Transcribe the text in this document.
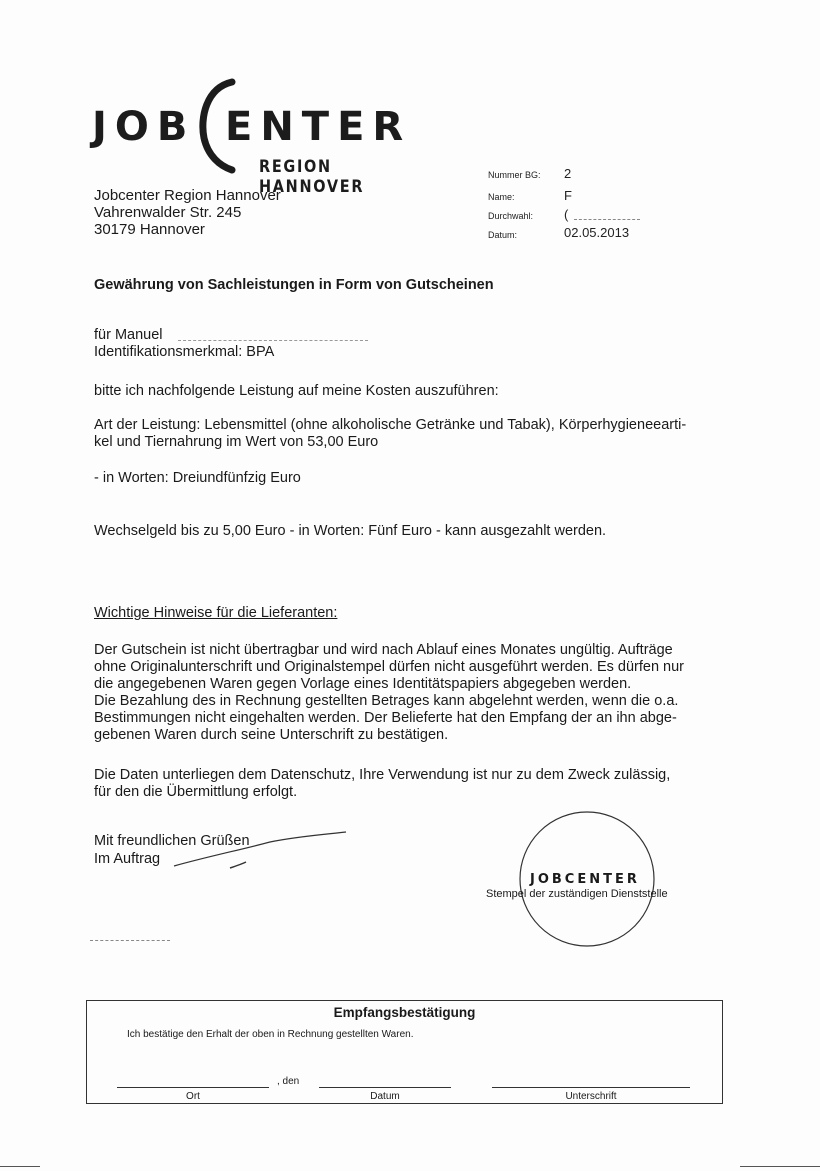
JOB ENTER
REGION HANNOVER
Jobcenter Region Hannover
Vahrenwalder Str. 245
30179 Hannover
Nummer BG: 2
Name:	F
Durchwahl: (
Datum:	02.05.2013
Gewährung von Sachleistungen in Form von Gutscheinen
für Manuel
Identifikationsmerkmal: BPA
bitte ich nachfolgende Leistung auf meine Kosten auszuführen:
Art der Leistung: Lebensmittel (ohne alkoholische Getränke und Tabak), Körperhygieneearti-
kel und Tiernahrung im Wert von 53,00 Euro
- in Worten: Dreiundfünfzig Euro
Wechselgeld bis zu 5,00 Euro - in Worten: Fünf Euro - kann ausgezahlt werden.
Wichtige Hinweise für die Lieferanten:
Der Gutschein ist nicht übertragbar und wird nach Ablauf eines Monates ungültig. Aufträge
ohne Originalunterschrift und Originalstempel dürfen nicht ausgeführt werden. Es dürfen nur
die angegebenen Waren gegen Vorlage eines Identitätspapiers abgegeben werden.
Die Bezahlung des in Rechnung gestellten Betrages kann abgelehnt werden, wenn die o.a.
Bestimmungen nicht eingehalten werden. Der Belieferte hat den Empfang der an ihn abge-
gebenen Waren durch seine Unterschrift zu bestätigen.
Die Daten unterliegen dem Datenschutz, Ihre Verwendung ist nur zu dem Zweck zulässig,
für den die Übermittlung erfolgt.
Mit freundlichen Grüßen
Im Auftrag
JOBCENTER
Stempel der zuständigen Dienststelle
Empfangsbestätigung
Ich bestätige den Erhalt der oben in Rechnung gestellten Waren.
, den
Ort	Datum	Unterschrift
